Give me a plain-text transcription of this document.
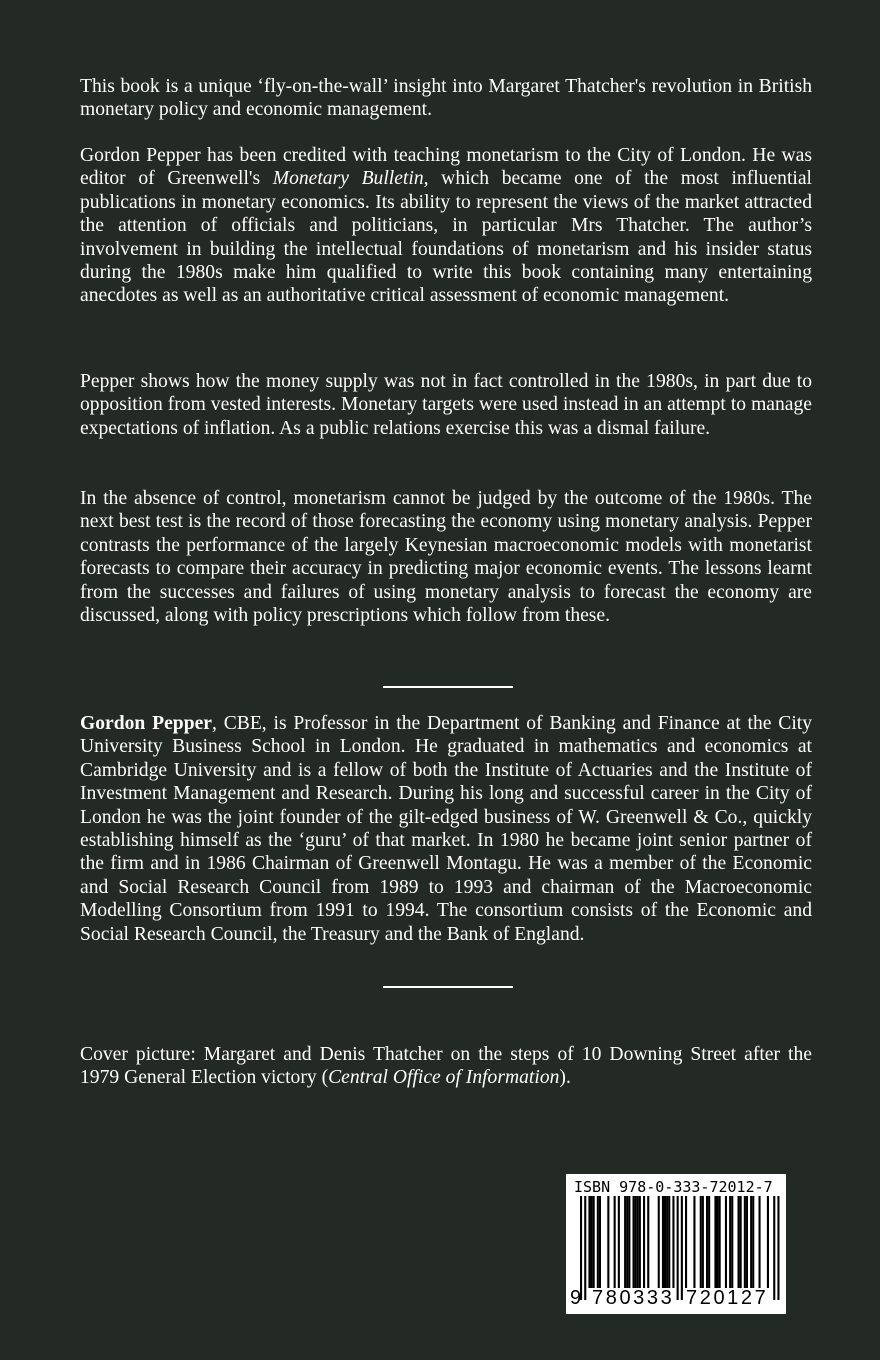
This book is a unique ‘fly-on-the-wall’ insight into Margaret Thatcher's revolution in British monetary policy and economic management.

Gordon Pepper has been credited with teaching monetarism to the City of London. He was editor of Greenwell's Monetary Bulletin, which became one of the most influential publications in monetary economics. Its ability to represent the views of the market attracted the attention of officials and politicians, in particular Mrs Thatcher. The author’s involvement in building the intellectual foundations of monetarism and his insider status during the 1980s make him qualified to write this book containing many entertaining anecdotes as well as an authoritative critical assessment of economic management.

Pepper shows how the money supply was not in fact controlled in the 1980s, in part due to opposition from vested interests. Monetary targets were used instead in an attempt to manage expectations of inflation. As a public relations exercise this was a dismal failure.

In the absence of control, monetarism cannot be judged by the outcome of the 1980s. The next best test is the record of those forecasting the economy using monetary analysis. Pepper contrasts the performance of the largely Keynesian macroeconomic models with monetarist forecasts to compare their accuracy in predicting major economic events. The lessons learnt from the successes and failures of using monetary analysis to forecast the economy are discussed, along with policy prescriptions which follow from these.

Gordon Pepper, CBE, is Professor in the Department of Banking and Finance at the City University Business School in London. He graduated in mathematics and economics at Cambridge University and is a fellow of both the Institute of Actuaries and the Institute of Investment Management and Research. During his long and successful career in the City of London he was the joint founder of the gilt-edged business of W. Greenwell & Co., quickly establishing himself as the ‘guru’ of that market. In 1980 he became joint senior partner of the firm and in 1986 Chairman of Greenwell Montagu. He was a member of the Economic and Social Research Council from 1989 to 1993 and chairman of the Macroeconomic Modelling Consortium from 1991 to 1994. The consortium consists of the Economic and Social Research Council, the Treasury and the Bank of England.

Cover picture: Margaret and Denis Thatcher on the steps of 10 Downing Street after the 1979 General Election victory (Central Office of Information).

ISBN 978-0-333-72012-7
9 780333 720127
